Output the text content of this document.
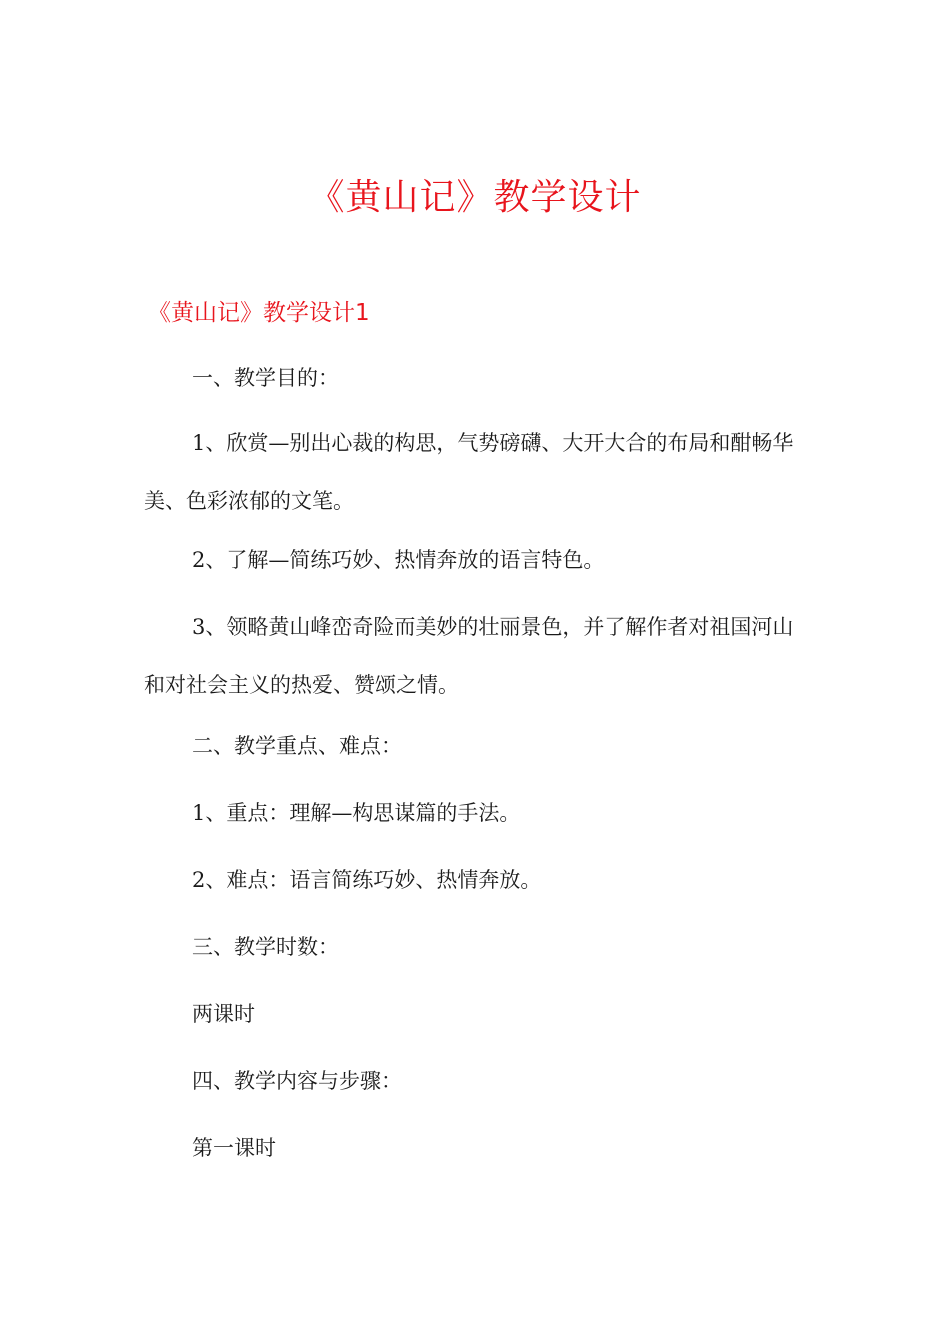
《黄山记》教学设计
《黄山记》教学设计1

一、教学目的：

1、欣赏—别出心裁的构思，气势磅礴、大开大合的布局和酣畅华美、色彩浓郁的文笔。

2、了解—简练巧妙、热情奔放的语言特色。

3、领略黄山峰峦奇险而美妙的壮丽景色，并了解作者对祖国河山和对社会主义的热爱、赞颂之情。

二、教学重点、难点：

1、重点：理解—构思谋篇的手法。

2、难点：语言简练巧妙、热情奔放。

三、教学时数：

两课时

四、教学内容与步骤：

第一课时
